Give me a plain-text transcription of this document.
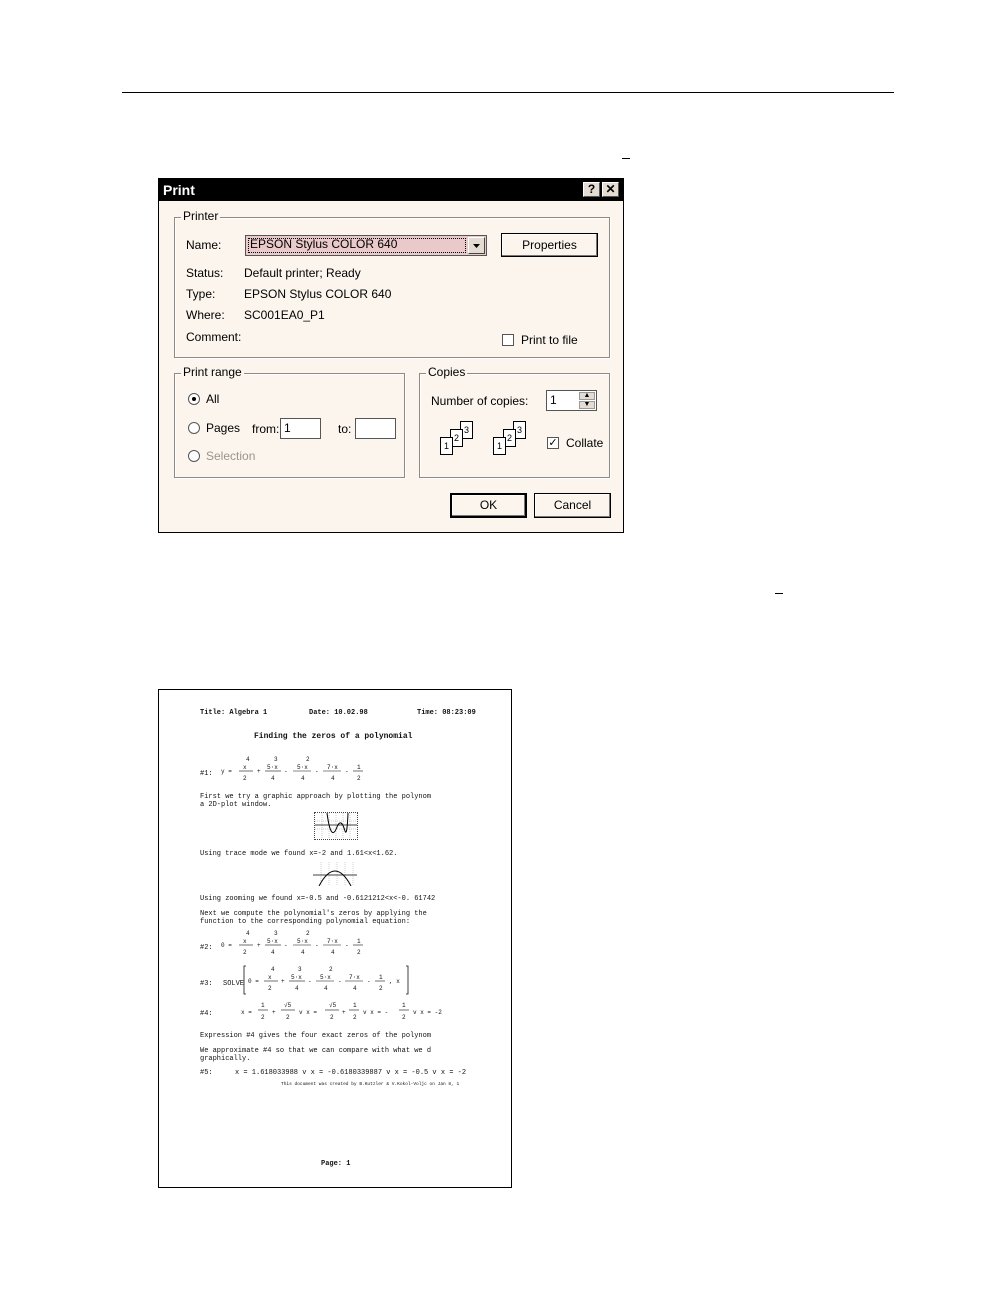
Print	? ✕
Printer
Name: EPSON Stylus COLOR 640	Properties
Status: Default printer; Ready
Type: EPSON Stylus COLOR 640
Where: SC001EA0_P1
Comment:	Print to file
Print range
All
Pages from: 1	to:
Selection
Copies
Number of copies: 1	▲
▼
3
2
1
3
2
1	✓ Collate
OK	Cancel
Title: Algebra 1	Date: 10.02.98	Time: 08:23:09
Finding the zeros of a polynomial
#1: y =
4
x
2
+
3
5·x
4
-
2
5·x
4
-
7·x
4
-
1
2
First we try a graphic approach by plotting the polynom
a 2D-plot window.
Using trace mode we found x=-2 and 1.61<x<1.62.
Using zooming we found x=-0.5 and -0.6121212<x<-0. 61742
Next we compute the polynomial's zeros by applying the
function to the corresponding polynomial equation:
#2: 0 =
4
x
2
+
3
5·x
4
-
2
5·x
4
-
7·x
4
-
1
2
#3: SOLVE 0 =
4
x
2
+
3
5·x
4
-
2
5·x
4
-
7·x
4
-
1
2
, x
#4:	x =
1
2
+
√5
2
v x =
√5
2
+
1
2
v x = -
1
2
v x = -2
Expression #4 gives the four exact zeros of the polynom
We approximate #4 so that we can compare with what we d
graphically.
#5:	x = 1.618033988 v x = -0.6180339887 v x = -0.5 v x = -2
This document was created by B.Kutzler & V.Kokol-Voljc on Jan 8, 1
Page: 1
